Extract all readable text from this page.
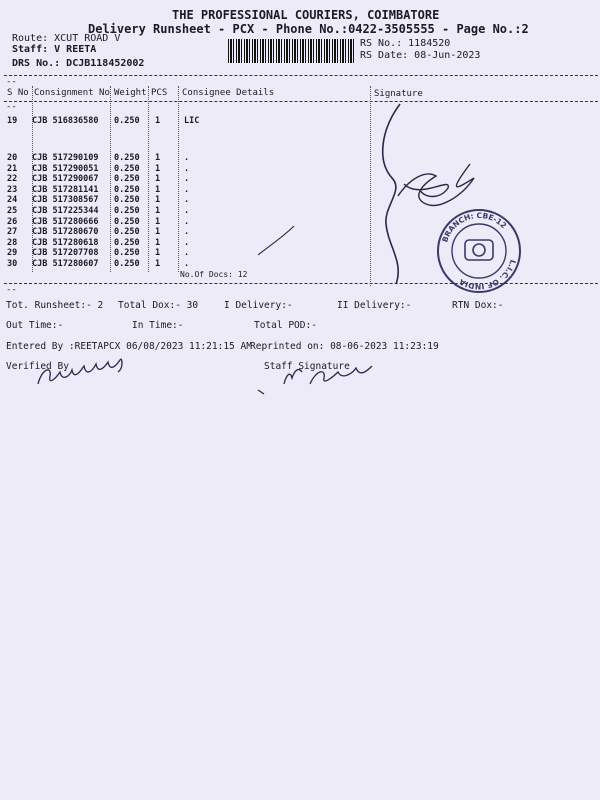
THE PROFESSIONAL COURIERS, COIMBATORE
Delivery Runsheet - PCX - Phone No.:0422-3505555 - Page No.:2
Route: XCUT ROAD V
Staff: V REETA
DRS No.: DCJB118452002
RS No.: 1184520
RS Date: 08-Jun-2023
--
S No Consignment No Weight PCS Consignee Details	Signature
--
19 CJB 516836580 0.250 1	LIC
20 CJB 517290109 0.250 1	.
21 CJB 517290051 0.250 1	.
22 CJB 517290067 0.250 1	.
23 CJB 517281141 0.250 1	.
24 CJB 517308567 0.250 1	.
25 CJB 517225344 0.250 1	.
26 CJB 517280666 0.250 1	.
27 CJB 517280670 0.250 1	.
28 CJB 517280618 0.250 1	.
29 CJB 517207708 0.250 1	.
30 CJB 517280607 0.250 1	.
No.Of Docs: 12
--
Tot. Runsheet:- 2 Total Dox:- 30	I Delivery:-	II Delivery:-	RTN Dox:-
Out Time:-	In Time:-	Total POD:-
Entered By :REETAPCX 06/08/2023 11:21:15 AM
Reprinted on: 08-06-2023 11:23:19
Verified By	Staff Signature
BRANCH: CBE-12
L.I.C. OF INDIA
